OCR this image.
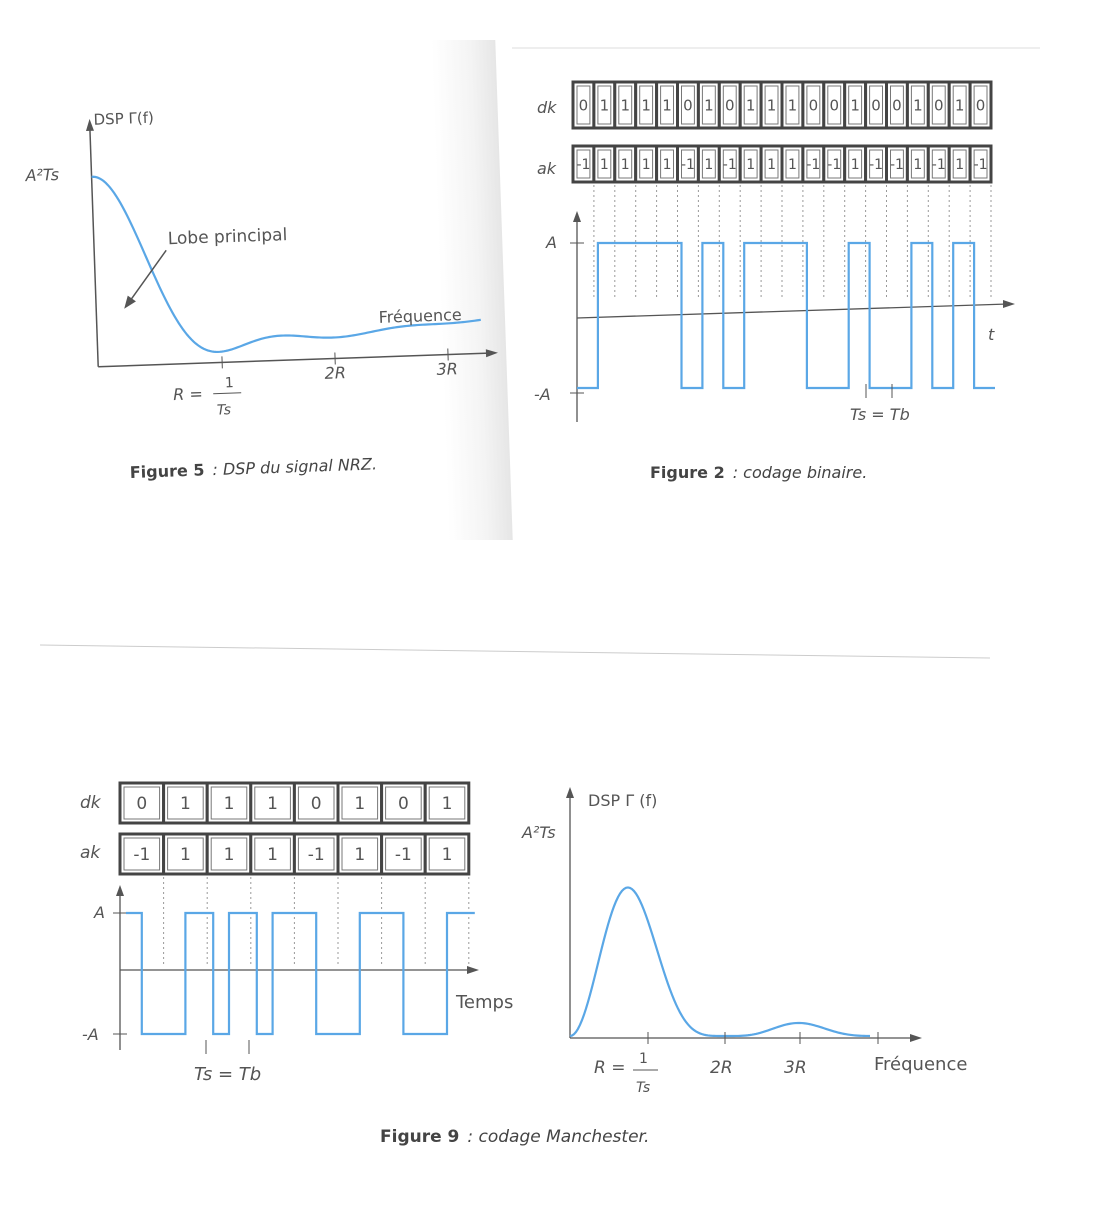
DSP Γ(f)
A²Ts
Lobe principal
Fréquence
R =
1
Ts
2R	3R
Figure 5 : DSP du signal NRZ.
dk
ak
0 1 1 1 1 0 1 0 1 1 1 0 0 1 0 0 1 0 1 0
-1 1 1 1 1 -1 1 -1 1 1 1 -1 -1 1 -1 -1 1 -1 1 -1
A
-A
t
Ts = Tb
Figure 2 : codage binaire.
dk
ak
0 1 1 1 0 1 0 1
-1 1 1 1 -1 1 -1 1
A
-A
Temps
Ts = Tb
DSP Γ (f)
A²Ts
R = 1
Ts
2R	3R	Fréquence
Figure 9 : codage Manchester.
